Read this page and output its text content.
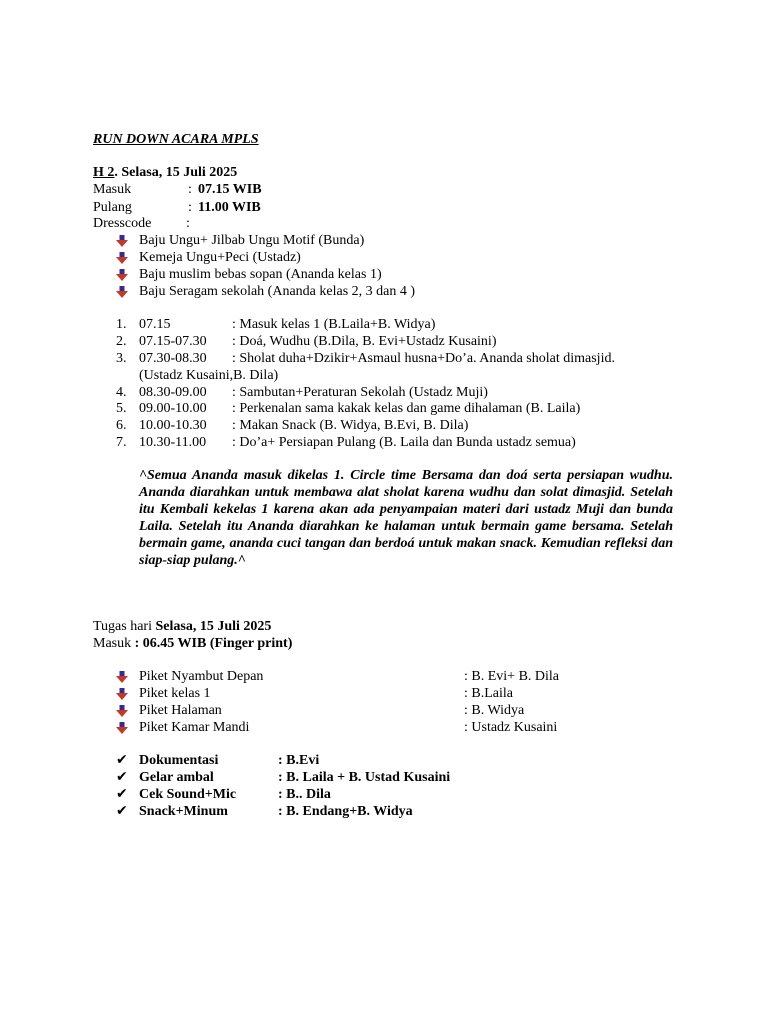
RUN DOWN ACARA MPLS
H 2. Selasa, 15 Juli 2025
Masuk	: 07.15 WIB
Pulang	: 11.00 WIB
Dresscode :
Baju Ungu+ Jilbab Ungu Motif (Bunda)
Kemeja Ungu+Peci (Ustadz)
Baju muslim bebas sopan (Ananda kelas 1)
Baju Seragam sekolah (Ananda kelas 2, 3 dan 4 )
1. 07.15	: Masuk kelas 1 (B.Laila+B. Widya)
2. 07.15-07.30 : Doá, Wudhu (B.Dila, B. Evi+Ustadz Kusaini)
3. 07.30-08.30 : Sholat duha+Dzikir+Asmaul husna+Do’a. Ananda sholat dimasjid.
(Ustadz Kusaini,B. Dila)
4. 08.30-09.00 : Sambutan+Peraturan Sekolah (Ustadz Muji)
5. 09.00-10.00 : Perkenalan sama kakak kelas dan game dihalaman (B. Laila)
6. 10.00-10.30 : Makan Snack (B. Widya, B.Evi, B. Dila)
7. 10.30-11.00 : Do’a+ Persiapan Pulang (B. Laila dan Bunda ustadz semua)
^Semua Ananda masuk dikelas 1. Circle time Bersama dan doá serta persiapan wudhu. Ananda diarahkan untuk membawa alat sholat karena wudhu dan solat dimasjid. Setelah itu Kembali kekelas 1 karena akan ada penyampaian materi dari ustadz Muji dan bunda Laila. Setelah itu Ananda diarahkan ke halaman untuk bermain game bersama. Setelah bermain game, ananda cuci tangan dan berdoá untuk makan snack. Kemudian refleksi dan siap-siap pulang.^
Tugas hari Selasa, 15 Juli 2025
Masuk : 06.45 WIB (Finger print)
Piket Nyambut Depan	: B. Evi+ B. Dila
Piket kelas 1	: B.Laila
Piket Halaman	: B. Widya
Piket Kamar Mandi	: Ustadz Kusaini
✔ Dokumentasi	: B.Evi
✔ Gelar ambal	: B. Laila + B. Ustad Kusaini
✔ Cek Sound+Mic	: B.. Dila
✔ Snack+Minum	: B. Endang+B. Widya
